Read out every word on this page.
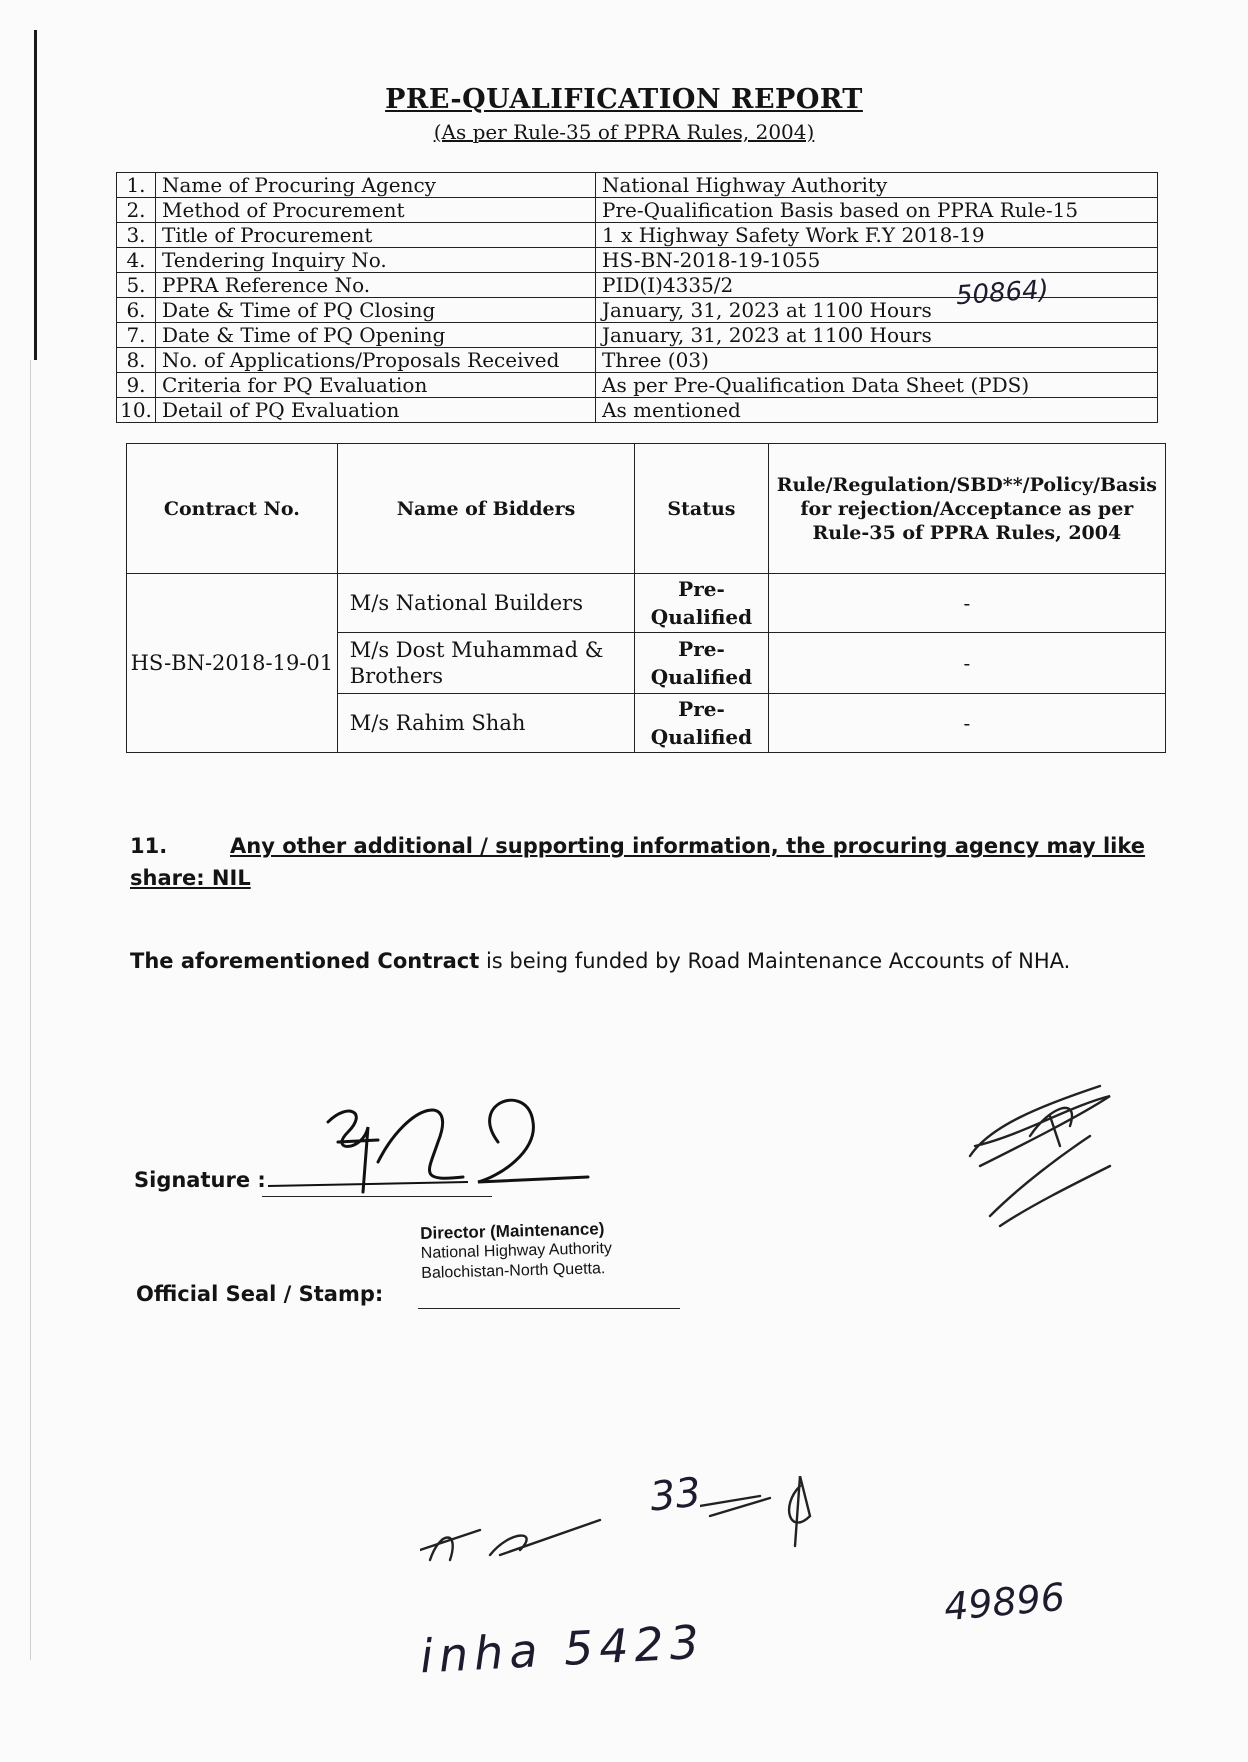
PRE-QUALIFICATION REPORT
(As per Rule-35 of PPRA Rules, 2004)
1.	Name of Procuring Agency	National Highway Authority
2.	Method of Procurement	Pre-Qualification Basis based on PPRA Rule-15
3.	Title of Procurement	1 x Highway Safety Work F.Y 2018-19
4.	Tendering Inquiry No.	HS-BN-2018-19-1055
5.	PPRA Reference No.	PID(I)4335/2
6.	Date & Time of PQ Closing	January, 31, 2023 at 1100 Hours
7.	Date & Time of PQ Opening	January, 31, 2023 at 1100 Hours
8.	No. of Applications/Proposals Received	Three (03)
9.	Criteria for PQ Evaluation	As per Pre-Qualification Data Sheet (PDS)
10.	Detail of PQ Evaluation	As mentioned
50864)
Contract No.	Name of Bidders	Status	Rule/Regulation/SBD**/Policy/Basis for rejection/Acceptance as per Rule-35 of PPRA Rules, 2004
HS-BN-2018-19-01	M/s National Builders	Pre-Qualified	-
	M/s Dost Muhammad & Brothers	Pre-Qualified	-
	M/s Rahim Shah	Pre-Qualified	-
11.	Any other additional / supporting information, the procuring agency may like share: NIL
The aforementioned Contract is being funded by Road Maintenance Accounts of NHA.
Signature :
Official Seal / Stamp:
Director (Maintenance)
National Highway Authority
Balochistan-North Quetta.
33
49896
inha 5423
